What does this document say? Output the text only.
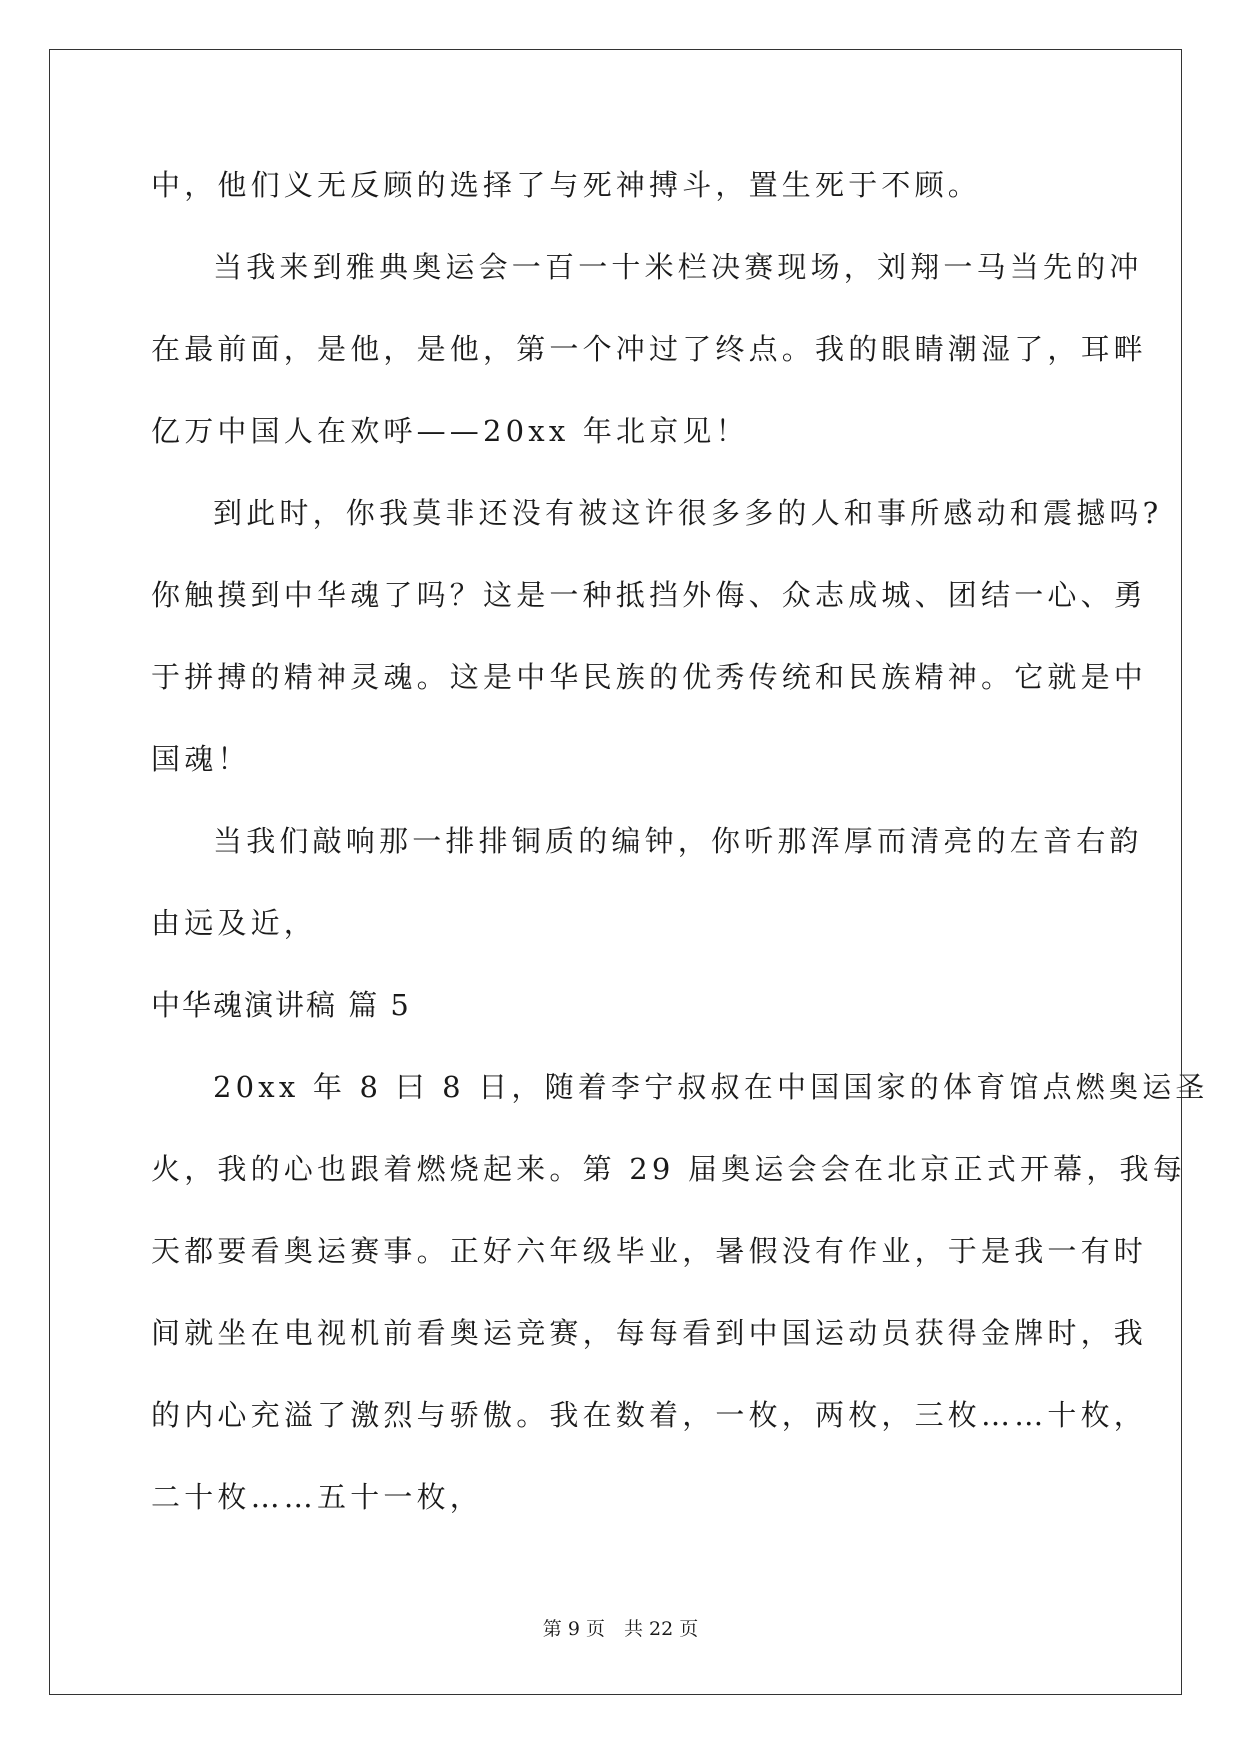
中，他们义无反顾的选择了与死神搏斗，置生死于不顾。
当我来到雅典奥运会一百一十米栏决赛现场，刘翔一马当先的冲
在最前面，是他，是他，第一个冲过了终点。我的眼睛潮湿了，耳畔
亿万中国人在欢呼——20xx 年北京见！
到此时，你我莫非还没有被这许很多多的人和事所感动和震撼吗?
你触摸到中华魂了吗？这是一种抵挡外侮、众志成城、团结一心、勇
于拼搏的精神灵魂。这是中华民族的优秀传统和民族精神。它就是中
国魂！
当我们敲响那一排排铜质的编钟，你听那浑厚而清亮的左音右韵
由远及近，
中华魂演讲稿 篇 5
20xx 年 8 曰 8 日，随着李宁叔叔在中国国家的体育馆点燃奥运圣
火，我的心也跟着燃烧起来。第 29 届奥运会会在北京正式开幕，我每
天都要看奥运赛事。正好六年级毕业，暑假没有作业，于是我一有时
间就坐在电视机前看奥运竞赛，每每看到中国运动员获得金牌时，我
的内心充溢了激烈与骄傲。我在数着，一枚，两枚，三枚……十枚，
二十枚……五十一枚，
第 9 页　共 22 页
